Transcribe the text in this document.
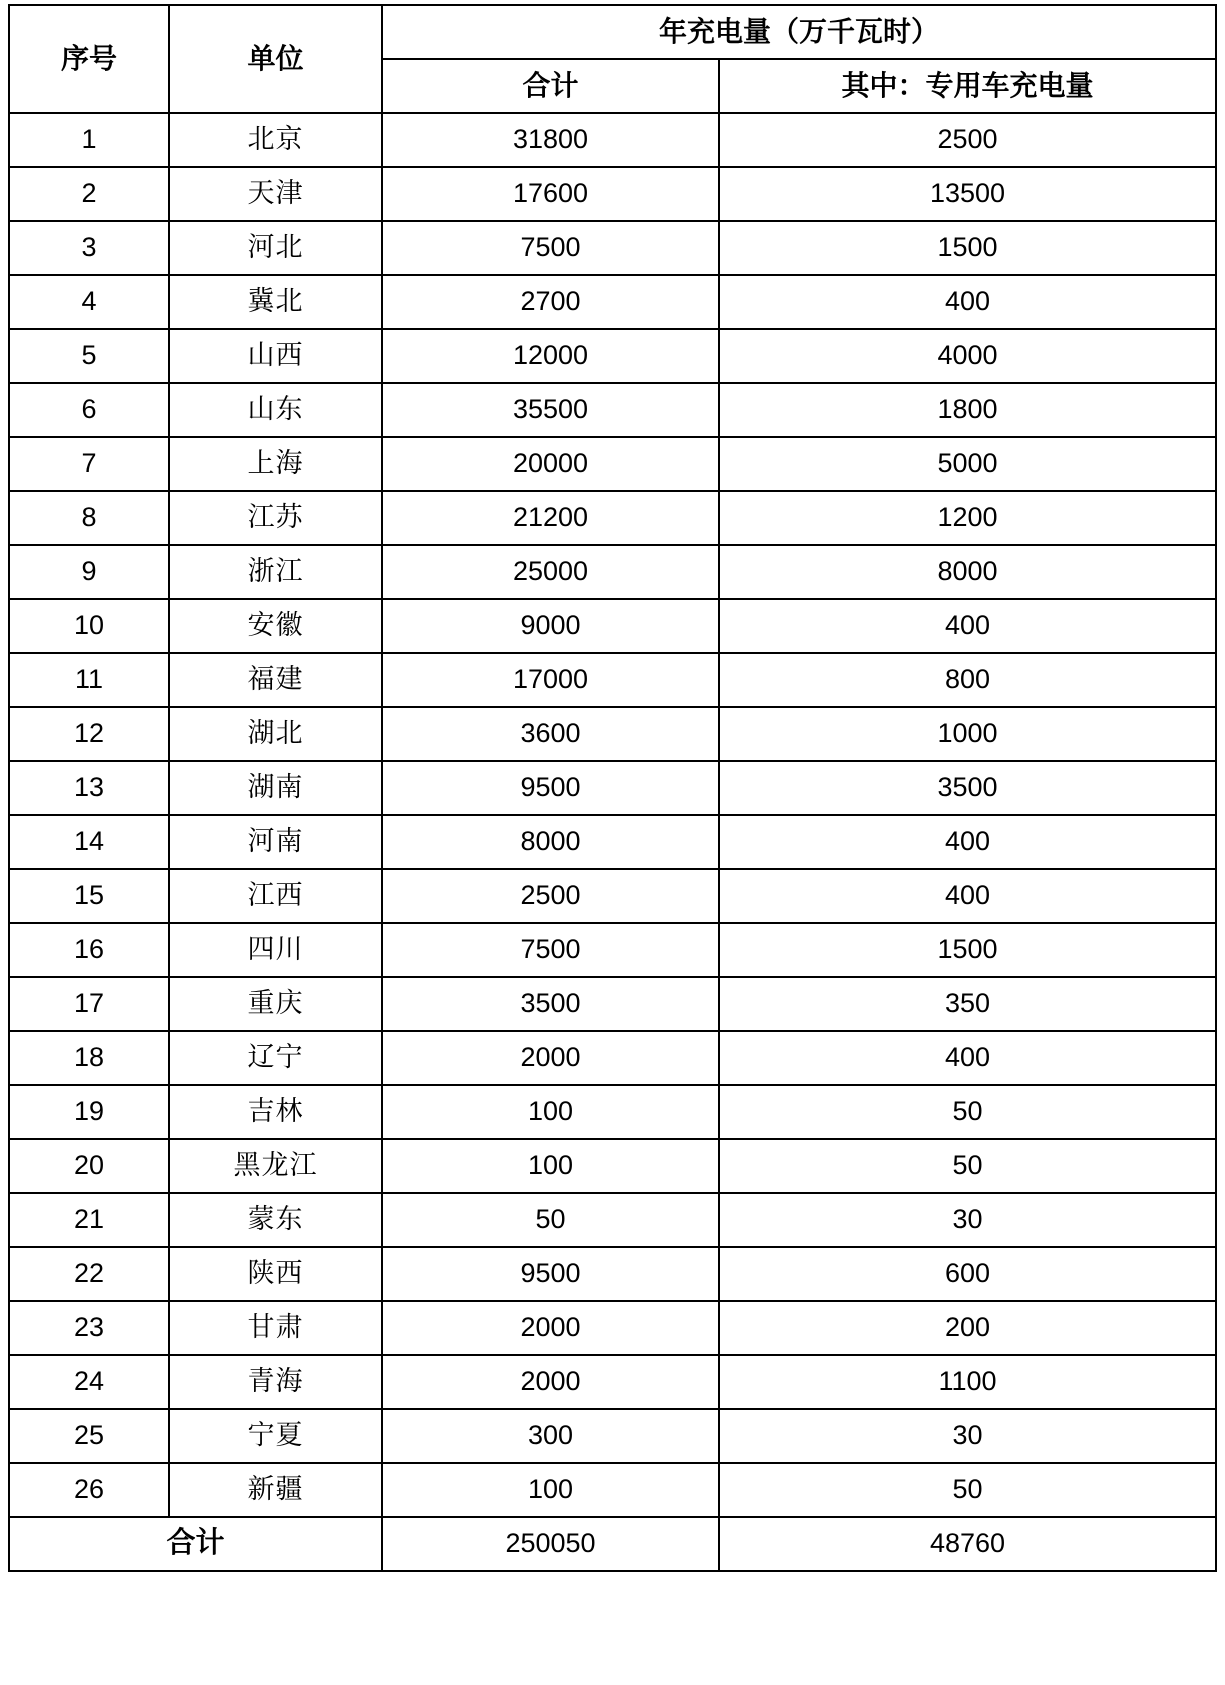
序号	单位	年充电量（万千瓦时）	
		合计	其中：专用车充电量
1	北京	31800	2500
2	天津	17600	13500
3	河北	7500	1500
4	冀北	2700	400
5	山西	12000	4000
6	山东	35500	1800
7	上海	20000	5000
8	江苏	21200	1200
9	浙江	25000	8000
10	安徽	9000	400
11	福建	17000	800
12	湖北	3600	1000
13	湖南	9500	3500
14	河南	8000	400
15	江西	2500	400
16	四川	7500	1500
17	重庆	3500	350
18	辽宁	2000	400
19	吉林	100	50
20	黑龙江	100	50
21	蒙东	50	30
22	陕西	9500	600
23	甘肃	2000	200
24	青海	2000	1100
25	宁夏	300	30
26	新疆	100	50
合计		250050	48760
